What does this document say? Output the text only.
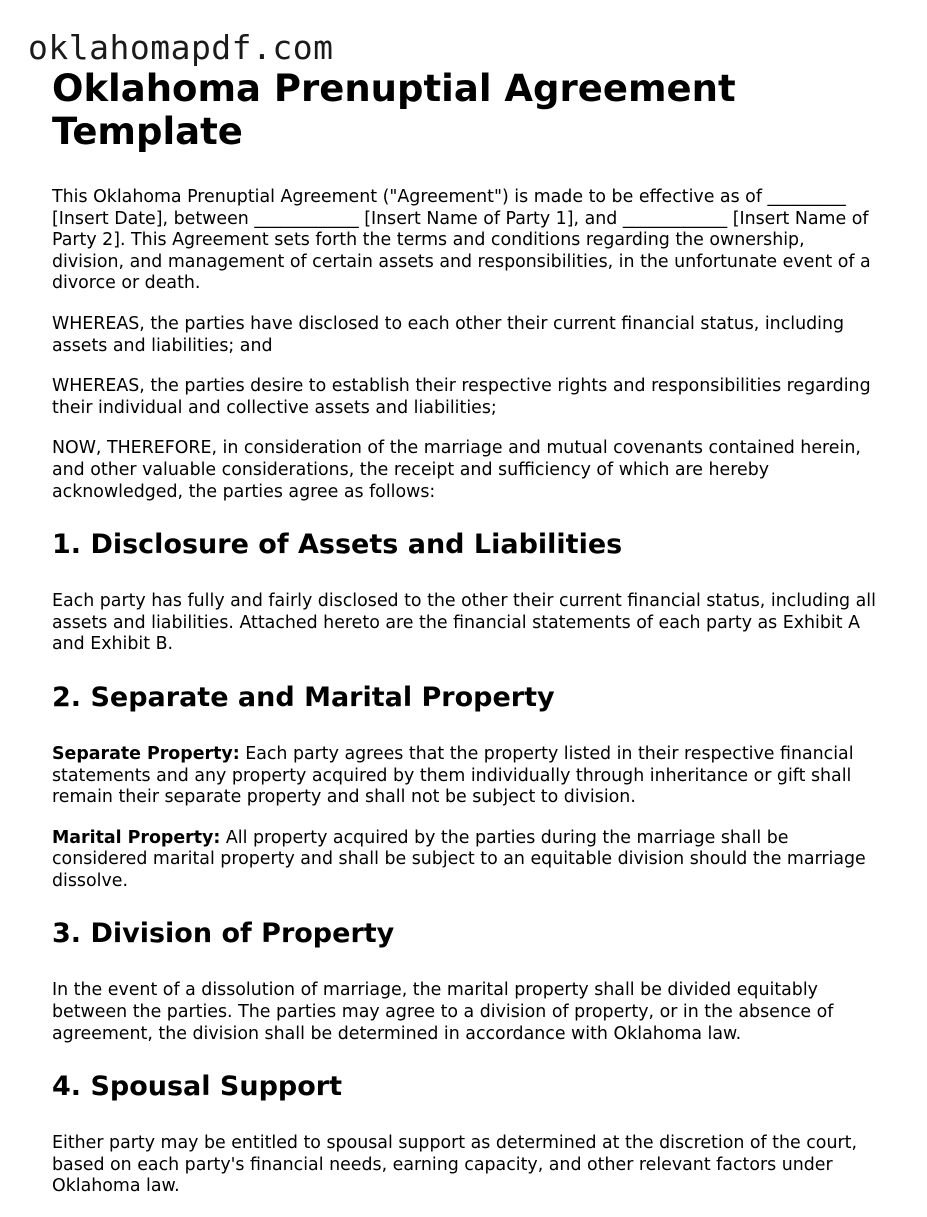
oklahomapdf.com
Oklahoma Prenuptial Agreement Template

This Oklahoma Prenuptial Agreement ("Agreement") is made to be effective as of _________ [Insert Date], between ____________ [Insert Name of Party 1], and ____________ [Insert Name of Party 2]. This Agreement sets forth the terms and conditions regarding the ownership, division, and management of certain assets and responsibilities, in the unfortunate event of a divorce or death.

WHEREAS, the parties have disclosed to each other their current financial status, including assets and liabilities; and

WHEREAS, the parties desire to establish their respective rights and responsibilities regarding their individual and collective assets and liabilities;

NOW, THEREFORE, in consideration of the marriage and mutual covenants contained herein, and other valuable considerations, the receipt and sufficiency of which are hereby acknowledged, the parties agree as follows:

1. Disclosure of Assets and Liabilities

Each party has fully and fairly disclosed to the other their current financial status, including all assets and liabilities. Attached hereto are the financial statements of each party as Exhibit A and Exhibit B.

2. Separate and Marital Property

Separate Property: Each party agrees that the property listed in their respective financial statements and any property acquired by them individually through inheritance or gift shall remain their separate property and shall not be subject to division.

Marital Property: All property acquired by the parties during the marriage shall be considered marital property and shall be subject to an equitable division should the marriage dissolve.

3. Division of Property

In the event of a dissolution of marriage, the marital property shall be divided equitably between the parties. The parties may agree to a division of property, or in the absence of agreement, the division shall be determined in accordance with Oklahoma law.

4. Spousal Support

Either party may be entitled to spousal support as determined at the discretion of the court, based on each party's financial needs, earning capacity, and other relevant factors under Oklahoma law.
